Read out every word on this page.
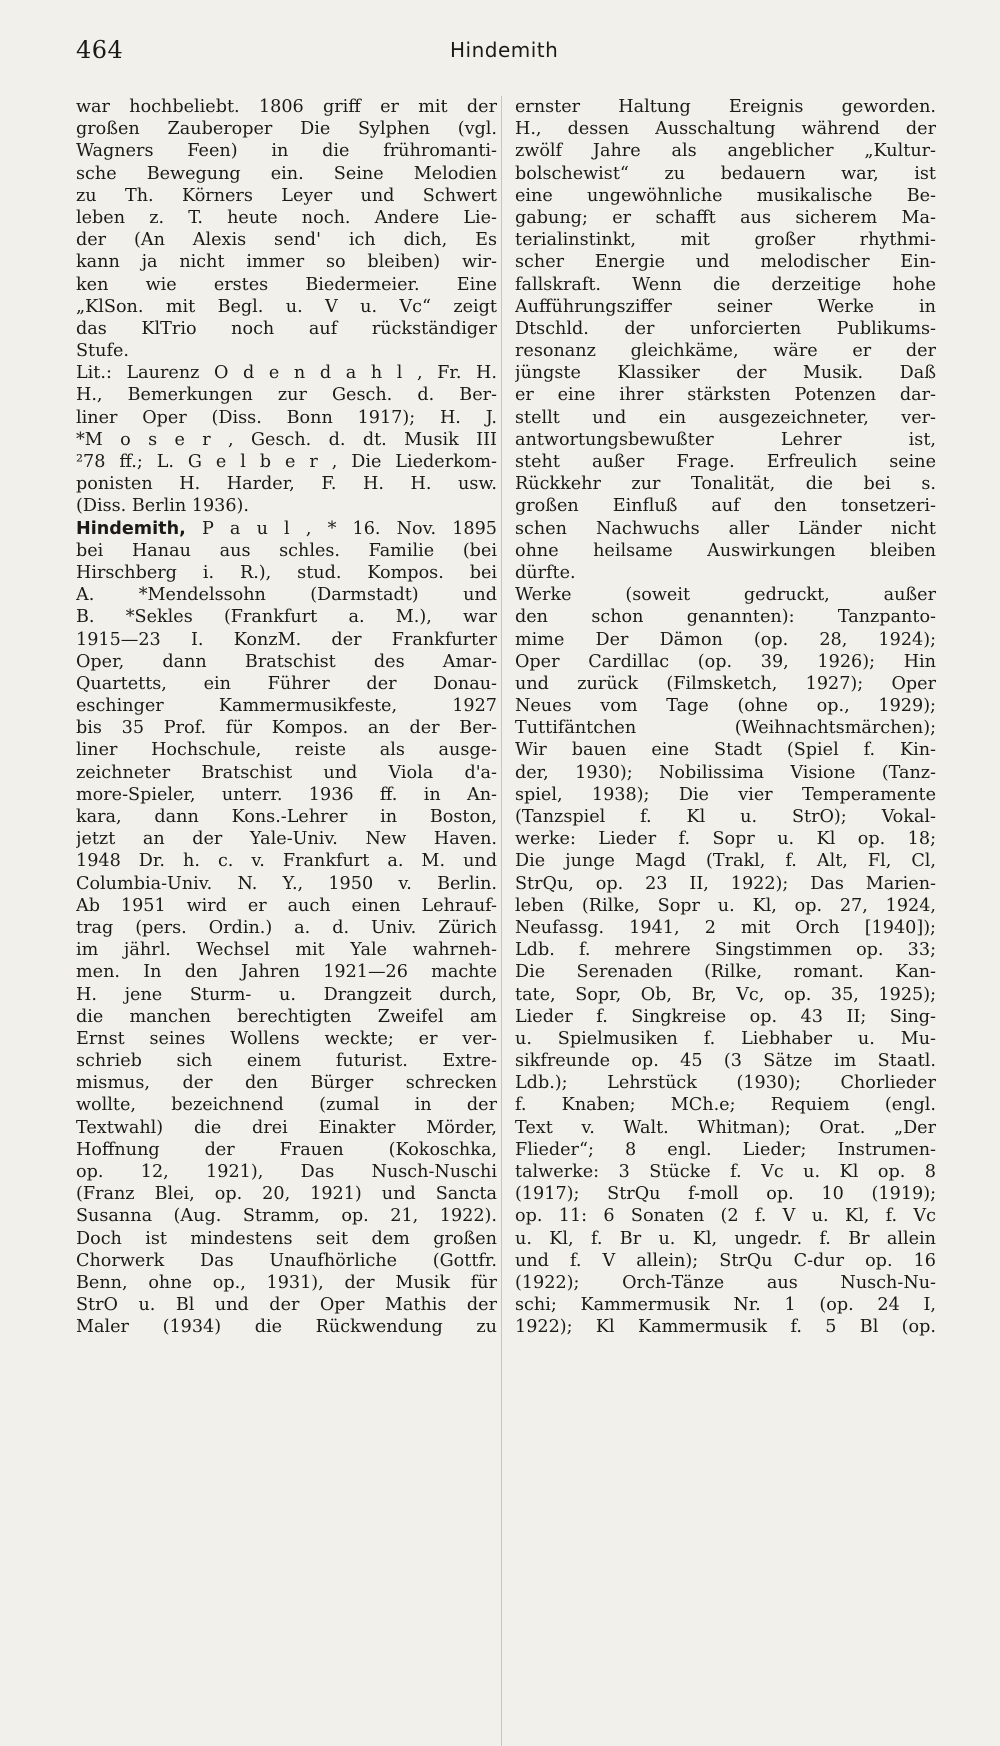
464	Hindemith
war hochbeliebt. 1806 griff er mit der
großen Zauberoper Die Sylphen (vgl.
Wagners Feen) in die frühromanti-
sche Bewegung ein. Seine Melodien
zu Th. Körners Leyer und Schwert
leben z. T. heute noch. Andere Lie-
der (An Alexis send' ich dich, Es
kann ja nicht immer so bleiben) wir-
ken wie erstes Biedermeier. Eine
„KlSon. mit Begl. u. V u. Vc“ zeigt
das KlTrio noch auf rückständiger
Stufe.
Lit.: Laurenz O d e n d a h l , Fr. H.
H., Bemerkungen zur Gesch. d. Ber-
liner Oper (Diss. Bonn 1917); H. J.
*M o s e r , Gesch. d. dt. Musik III
²78 ff.; L. G e l b e r , Die Liederkom-
ponisten H. Harder, F. H. H. usw.
(Diss. Berlin 1936).
Hindemith, P a u l , * 16. Nov. 1895
bei Hanau aus schles. Familie (bei
Hirschberg i. R.), stud. Kompos. bei
A. *Mendelssohn (Darmstadt) und
B. *Sekles (Frankfurt a. M.), war
1915—23 I. KonzM. der Frankfurter
Oper, dann Bratschist des Amar-
Quartetts, ein Führer der Donau-
eschinger Kammermusikfeste, 1927
bis 35 Prof. für Kompos. an der Ber-
liner Hochschule, reiste als ausge-
zeichneter Bratschist und Viola d'a-
more-Spieler, unterr. 1936 ff. in An-
kara, dann Kons.-Lehrer in Boston,
jetzt an der Yale-Univ. New Haven.
1948 Dr. h. c. v. Frankfurt a. M. und
Columbia-Univ. N. Y., 1950 v. Berlin.
Ab 1951 wird er auch einen Lehrauf-
trag (pers. Ordin.) a. d. Univ. Zürich
im jährl. Wechsel mit Yale wahrneh-
men. In den Jahren 1921—26 machte
H. jene Sturm- u. Drangzeit durch,
die manchen berechtigten Zweifel am
Ernst seines Wollens weckte; er ver-
schrieb sich einem futurist. Extre-
mismus, der den Bürger schrecken
wollte, bezeichnend (zumal in der
Textwahl) die drei Einakter Mörder,
Hoffnung der Frauen (Kokoschka,
op. 12, 1921), Das Nusch-Nuschi
(Franz Blei, op. 20, 1921) und Sancta
Susanna (Aug. Stramm, op. 21, 1922).
Doch ist mindestens seit dem großen
Chorwerk Das Unaufhörliche (Gottfr.
Benn, ohne op., 1931), der Musik für
StrO u. Bl und der Oper Mathis der
Maler (1934) die Rückwendung zu
ernster Haltung Ereignis geworden.
H., dessen Ausschaltung während der
zwölf Jahre als angeblicher „Kultur-
bolschewist“ zu bedauern war, ist
eine ungewöhnliche musikalische Be-
gabung; er schafft aus sicherem Ma-
terialinstinkt, mit großer rhythmi-
scher Energie und melodischer Ein-
fallskraft. Wenn die derzeitige hohe
Aufführungsziffer seiner Werke in
Dtschld. der unforcierten Publikums-
resonanz gleichkäme, wäre er der
jüngste Klassiker der Musik. Daß
er eine ihrer stärksten Potenzen dar-
stellt und ein ausgezeichneter, ver-
antwortungsbewußter Lehrer ist,
steht außer Frage. Erfreulich seine
Rückkehr zur Tonalität, die bei s.
großen Einfluß auf den tonsetzeri-
schen Nachwuchs aller Länder nicht
ohne heilsame Auswirkungen bleiben
dürfte.
Werke (soweit gedruckt, außer
den schon genannten): Tanzpanto-
mime Der Dämon (op. 28, 1924);
Oper Cardillac (op. 39, 1926); Hin
und zurück (Filmsketch, 1927); Oper
Neues vom Tage (ohne op., 1929);
Tuttifäntchen (Weihnachtsmärchen);
Wir bauen eine Stadt (Spiel f. Kin-
der, 1930); Nobilissima Visione (Tanz-
spiel, 1938); Die vier Temperamente
(Tanzspiel f. Kl u. StrO); Vokal-
werke: Lieder f. Sopr u. Kl op. 18;
Die junge Magd (Trakl, f. Alt, Fl, Cl,
StrQu, op. 23 II, 1922); Das Marien-
leben (Rilke, Sopr u. Kl, op. 27, 1924,
Neufassg. 1941, 2 mit Orch [1940]);
Ldb. f. mehrere Singstimmen op. 33;
Die Serenaden (Rilke, romant. Kan-
tate, Sopr, Ob, Br, Vc, op. 35, 1925);
Lieder f. Singkreise op. 43 II; Sing-
u. Spielmusiken f. Liebhaber u. Mu-
sikfreunde op. 45 (3 Sätze im Staatl.
Ldb.); Lehrstück (1930); Chorlieder
f. Knaben; MCh.e; Requiem (engl.
Text v. Walt. Whitman); Orat. „Der
Flieder“; 8 engl. Lieder; Instrumen-
talwerke: 3 Stücke f. Vc u. Kl op. 8
(1917); StrQu f-moll op. 10 (1919);
op. 11: 6 Sonaten (2 f. V u. Kl, f. Vc
u. Kl, f. Br u. Kl, ungedr. f. Br allein
und f. V allein); StrQu C-dur op. 16
(1922); Orch-Tänze aus Nusch-Nu-
schi; Kammermusik Nr. 1 (op. 24 I,
1922); Kl Kammermusik f. 5 Bl (op.
